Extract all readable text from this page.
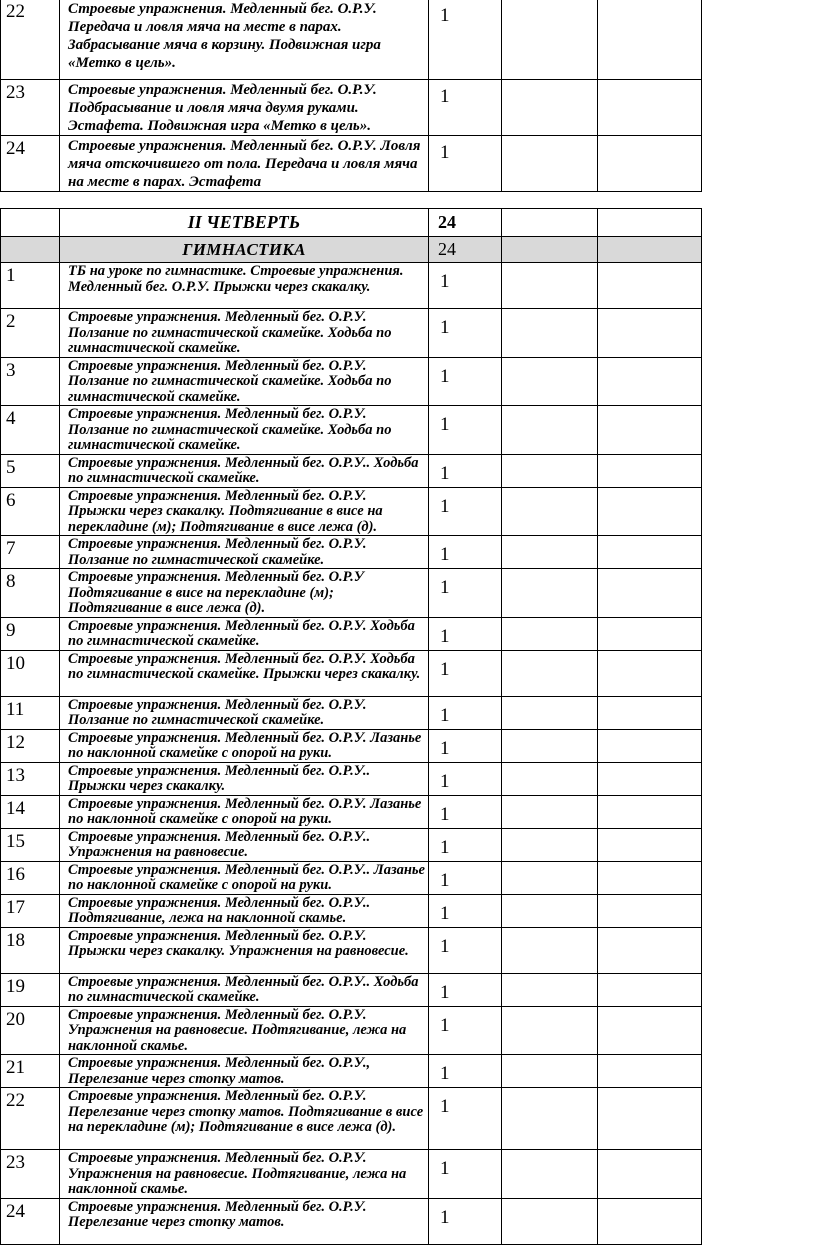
22	Строевые упражнения. Медленный бег. О.Р.У. Передача и ловля мяча на месте в парах. Забрасывание мяча в корзину. Подвижная игра «Метко в цель».	1		
23	Строевые упражнения. Медленный бег. О.Р.У. Подбрасывание и ловля мяча двумя руками. Эстафета. Подвижная игра «Метко в цель».	1		
24	Строевые упражнения. Медленный бег. О.Р.У. Ловля мяча отскочившего от пола. Передача и ловля мяча на месте в парах. Эстафета	1		
	II ЧЕТВЕРТЬ	24		
	ГИМНАСТИКА	24		
1	ТБ на уроке по гимнастике. Строевые упражнения. Медленный бег. О.Р.У. Прыжки через скакалку.	1		
2	Строевые упражнения. Медленный бег. О.Р.У. Ползание по гимнастической скамейке. Ходьба по гимнастической скамейке.	1		
3	Строевые упражнения. Медленный бег. О.Р.У. Ползание по гимнастической скамейке. Ходьба по гимнастической скамейке.	1		
4	Строевые упражнения. Медленный бег. О.Р.У. Ползание по гимнастической скамейке. Ходьба по гимнастической скамейке.	1		
5	Строевые упражнения. Медленный бег. О.Р.У.. Ходьба по гимнастической скамейке.	1		
6	Строевые упражнения. Медленный бег. О.Р.У. Прыжки через скакалку. Подтягивание в висе на перекладине (м); Подтягивание в висе лежа (д).	1		
7	Строевые упражнения. Медленный бег. О.Р.У. Ползание по гимнастической скамейке.	1		
8	Строевые упражнения. Медленный бег. О.Р.У Подтягивание в висе на перекладине (м); Подтягивание в висе лежа (д).	1		
9	Строевые упражнения. Медленный бег. О.Р.У. Ходьба по гимнастической скамейке.	1		
10	Строевые упражнения. Медленный бег. О.Р.У. Ходьба по гимнастической скамейке. Прыжки через скакалку.	1		
11	Строевые упражнения. Медленный бег. О.Р.У. Ползание по гимнастической скамейке.	1		
12	Строевые упражнения. Медленный бег. О.Р.У. Лазанье по наклонной скамейке с опорой на руки.	1		
13	Строевые упражнения. Медленный бег. О.Р.У.. Прыжки через скакалку.	1		
14	Строевые упражнения. Медленный бег. О.Р.У. Лазанье по наклонной скамейке с опорой на руки.	1		
15	Строевые упражнения. Медленный бег. О.Р.У.. Упражнения на равновесие.	1		
16	Строевые упражнения. Медленный бег. О.Р.У.. Лазанье по наклонной скамейке с опорой на руки.	1		
17	Строевые упражнения. Медленный бег. О.Р.У.. Подтягивание, лежа на наклонной скамье.	1		
18	Строевые упражнения. Медленный бег. О.Р.У. Прыжки через скакалку. Упражнения на равновесие.	1		
19	Строевые упражнения. Медленный бег. О.Р.У.. Ходьба по гимнастической скамейке.	1		
20	Строевые упражнения. Медленный бег. О.Р.У. Упражнения на равновесие. Подтягивание, лежа на наклонной скамье.	1		
21	Строевые упражнения. Медленный бег. О.Р.У., Перелезание через стопку матов.	1		
22	Строевые упражнения. Медленный бег. О.Р.У. Перелезание через стопку матов. Подтягивание в висе на перекладине (м); Подтягивание в висе лежа (д).	1		
23	Строевые упражнения. Медленный бег. О.Р.У. Упражнения на равновесие. Подтягивание, лежа на наклонной скамье.	1		
24	Строевые упражнения. Медленный бег. О.Р.У. Перелезание через стопку матов.	1		
